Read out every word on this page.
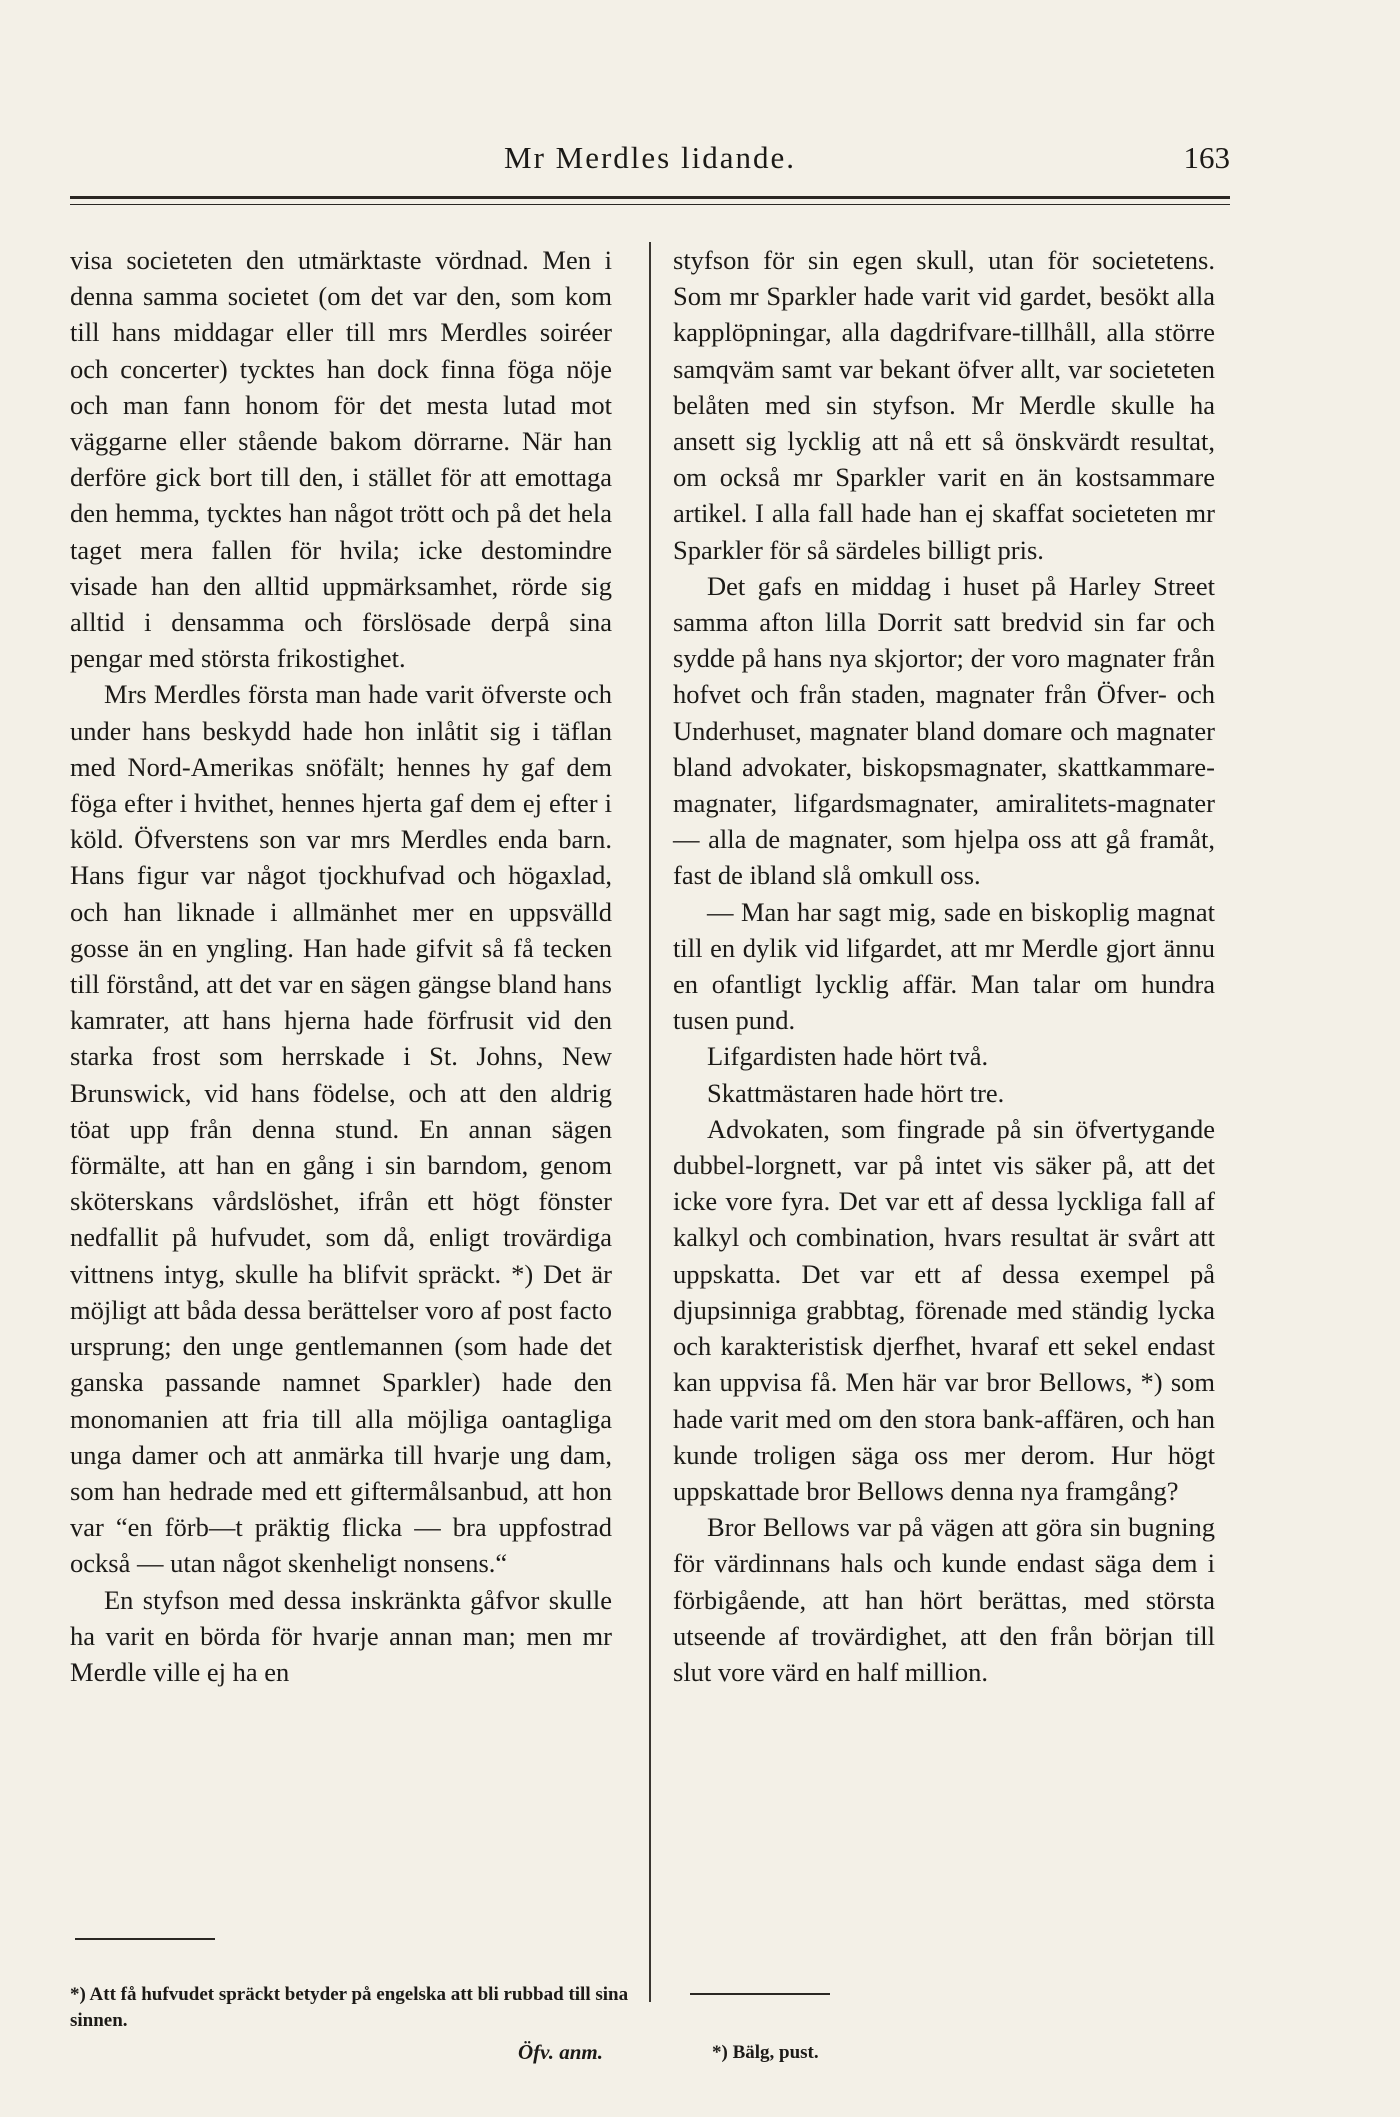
Mr Merdles lidande.	163

visa societeten den utmärktaste vördnad. Men i denna samma societet (om det var den, som kom till hans middagar eller till mrs Merdles soiréer och concerter) tycktes han dock finna föga nöje och man fann honom för det mesta lutad mot väggarne eller stående bakom dörrarne. När han derföre gick bort till den, i stället för att emottaga den hemma, tycktes han något trött och på det hela taget mera fallen för hvila; icke destomindre visade han den alltid uppmärksamhet, rörde sig alltid i densamma och förslösade derpå sina pengar med största frikostighet.

Mrs Merdles första man hade varit öfverste och under hans beskydd hade hon inlåtit sig i täflan med Nord-Amerikas snöfält; hennes hy gaf dem föga efter i hvithet, hennes hjerta gaf dem ej efter i köld. Öfverstens son var mrs Merdles enda barn. Hans figur var något tjockhufvad och högaxlad, och han liknade i allmänhet mer en uppsvälld gosse än en yngling. Han hade gifvit så få tecken till förstånd, att det var en sägen gängse bland hans kamrater, att hans hjerna hade förfrusit vid den starka frost som herrskade i St. Johns, New Brunswick, vid hans födelse, och att den aldrig töat upp från denna stund. En annan sägen förmälte, att han en gång i sin barndom, genom sköterskans vårdslöshet, ifrån ett högt fönster nedfallit på hufvudet, som då, enligt trovärdiga vittnens intyg, skulle ha blifvit spräckt. *) Det är möjligt att båda dessa berättelser voro af post facto ursprung; den unge gentlemannen (som hade det ganska passande namnet Sparkler) hade den monomanien att fria till alla möjliga oantagliga unga damer och att anmärka till hvarje ung dam, som han hedrade med ett giftermålsanbud, att hon var “en förb—t präktig flicka — bra uppfostrad också — utan något skenheligt nonsens.“

En styfson med dessa inskränkta gåfvor skulle ha varit en börda för hvarje annan man; men mr Merdle ville ej ha en

styfson för sin egen skull, utan för societetens. Som mr Sparkler hade varit vid gardet, besökt alla kapplöpningar, alla dagdrifvare-tillhåll, alla större samqväm samt var bekant öfver allt, var societeten belåten med sin styfson. Mr Merdle skulle ha ansett sig lycklig att nå ett så önskvärdt resultat, om också mr Sparkler varit en än kostsammare artikel. I alla fall hade han ej skaffat societeten mr Sparkler för så särdeles billigt pris.

Det gafs en middag i huset på Harley Street samma afton lilla Dorrit satt bredvid sin far och sydde på hans nya skjortor; der voro magnater från hofvet och från staden, magnater från Öfver- och Underhuset, magnater bland domare och magnater bland advokater, biskopsmagnater, skattkammare-magnater, lifgardsmagnater, amiralitets-magnater — alla de magnater, som hjelpa oss att gå framåt, fast de ibland slå omkull oss.

— Man har sagt mig, sade en biskoplig magnat till en dylik vid lifgardet, att mr Merdle gjort ännu en ofantligt lycklig affär. Man talar om hundra tusen pund.

Lifgardisten hade hört två.

Skattmästaren hade hört tre.

Advokaten, som fingrade på sin öfvertygande dubbel-lorgnett, var på intet vis säker på, att det icke vore fyra. Det var ett af dessa lyckliga fall af kalkyl och combination, hvars resultat är svårt att uppskatta. Det var ett af dessa exempel på djupsinniga grabbtag, förenade med ständig lycka och karakteristisk djerfhet, hvaraf ett sekel endast kan uppvisa få. Men här var bror Bellows, *) som hade varit med om den stora bank-affären, och han kunde troligen säga oss mer derom. Hur högt uppskattade bror Bellows denna nya framgång?

Bror Bellows var på vägen att göra sin bugning för värdinnans hals och kunde endast säga dem i förbigående, att han hört berättas, med största utseende af trovärdighet, att den från början till slut vore värd en half million.

*) Att få hufvudet spräckt betyder på engelska att bli rubbad till sina sinnen.
Öfv. anm.	*) Bälg, pust.
